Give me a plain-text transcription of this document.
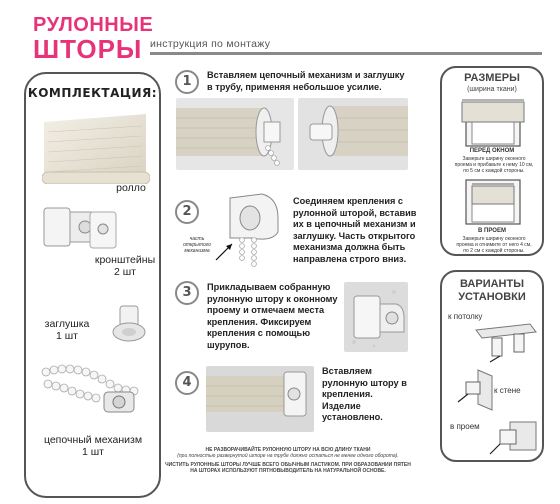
РУЛОННЫЕ
ШТОРЫ инструкция по монтажу
КОМПЛЕКТАЦИЯ:
ролло
кронштейны
2 шт
заглушка
1 шт
цепочный механизм
1 шт
1	Вставляем цепочный механизм и заглушку
в трубу, применяя небольшое усилие.
2
часть
открытого
механизма
Соединяем крепления с
рулонной шторой, вставив
их в цепочный механизм и
заглушку. Часть открытого
механизма должна быть
направлена строго вниз.
3	Прикладываем собранную
рулонную штору к оконному
проему и отмечаем места
крепления. Фиксируем
крепления с помощью
шурупов.
4
Вставляем
рулонную штору в
крепления.
Изделие
установлено.
РАЗМЕРЫ
(ширина ткани)
ПЕРЕД ОКНОМ
Замерьте ширину оконного
проема и прибавьте к нему 10 см,
по 5 см с каждой стороны.
В ПРОЕМ
Замерьте ширину оконного
проема и отнимите от него 4 см,
по 2 см с каждой стороны.
ВАРИАНТЫ
УСТАНОВКИ
к потолку
к стене
в проем
НЕ РАЗВОРАЧИВАЙТЕ РУЛОННУЮ ШТОРУ НА ВСЮ ДЛИНУ ТКАНИ
(при полностью развернутой шторе на трубе должно остаться не менее одного оборота).
ЧИСТИТЬ РУЛОННЫЕ ШТОРЫ ЛУЧШЕ ВСЕГО ОБЫЧНЫМ ЛАСТИКОМ. ПРИ ОБРАЗОВАНИИ ПЯТЕН
НА ШТОРАХ ИСПОЛЬЗУЮТ ПЯТНОВЫВОДИТЕЛЬ НА НАТУРАЛЬНОЙ ОСНОВЕ.
